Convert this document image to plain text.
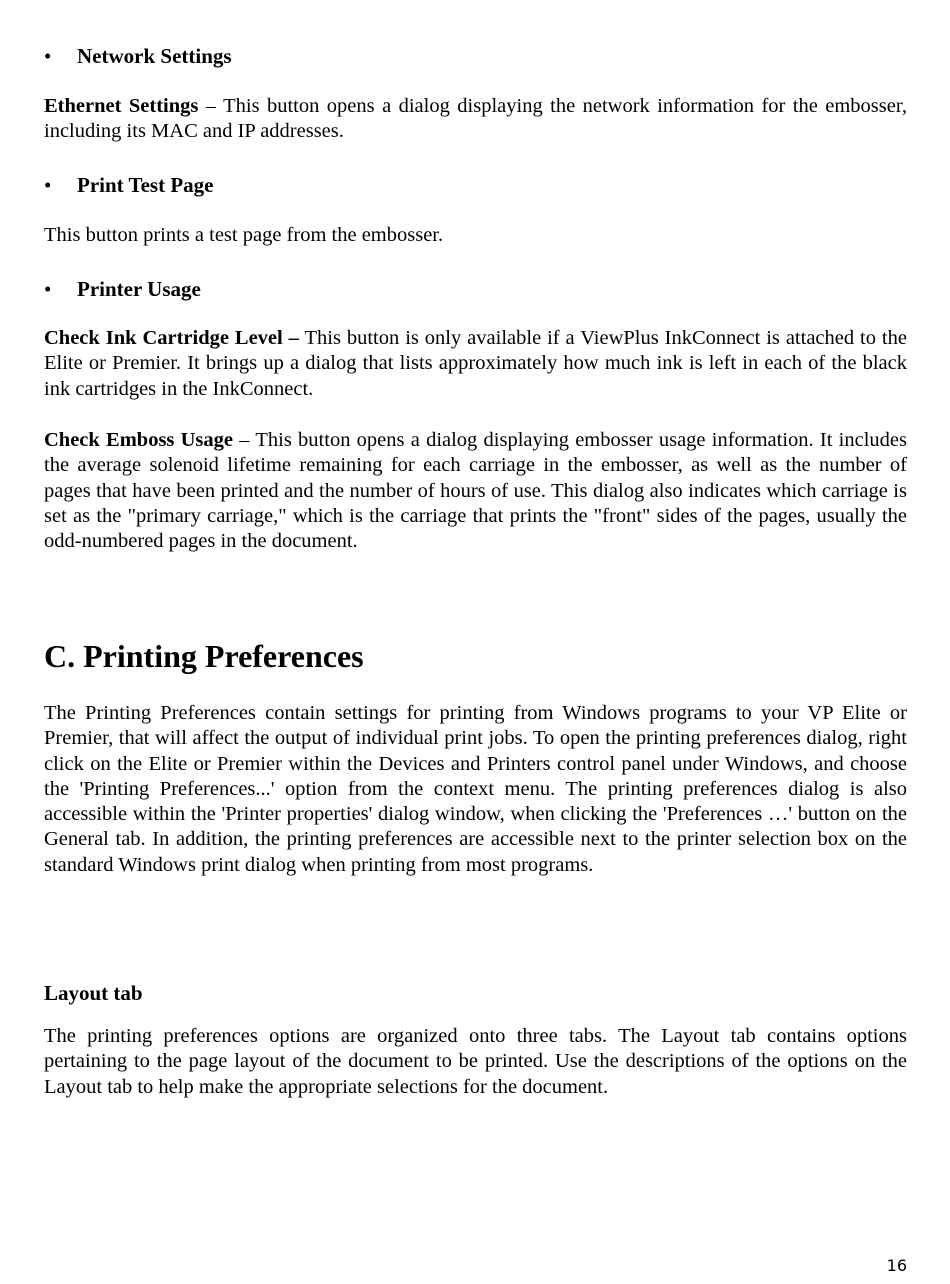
• Network Settings
Ethernet Settings – This button opens a dialog displaying the network information for the embosser, including its MAC and IP addresses.
• Print Test Page
This button prints a test page from the embosser.
• Printer Usage
Check Ink Cartridge Level – This button is only available if a ViewPlus InkConnect is attached to the Elite or Premier. It brings up a dialog that lists approximately how much ink is left in each of the black ink cartridges in the InkConnect.
Check Emboss Usage – This button opens a dialog displaying embosser usage information. It includes the average solenoid lifetime remaining for each carriage in the embosser, as well as the number of pages that have been printed and the number of hours of use. This dialog also indicates which carriage is set as the "primary carriage," which is the carriage that prints the "front" sides of the pages, usually the odd-numbered pages in the document.
C. Printing Preferences
The Printing Preferences contain settings for printing from Windows programs to your VP Elite or Premier, that will affect the output of individual print jobs. To open the printing preferences dialog, right click on the Elite or Premier within the Devices and Printers control panel under Windows, and choose the 'Printing Preferences...' option from the context menu. The printing preferences dialog is also accessible within the 'Printer properties' dialog window, when clicking the 'Preferences …' button on the General tab. In addition, the printing preferences are accessible next to the printer selection box on the standard Windows print dialog when printing from most programs.
Layout tab
The printing preferences options are organized onto three tabs. The Layout tab contains options pertaining to the page layout of the document to be printed. Use the descriptions of the options on the Layout tab to help make the appropriate selections for the document.
16
